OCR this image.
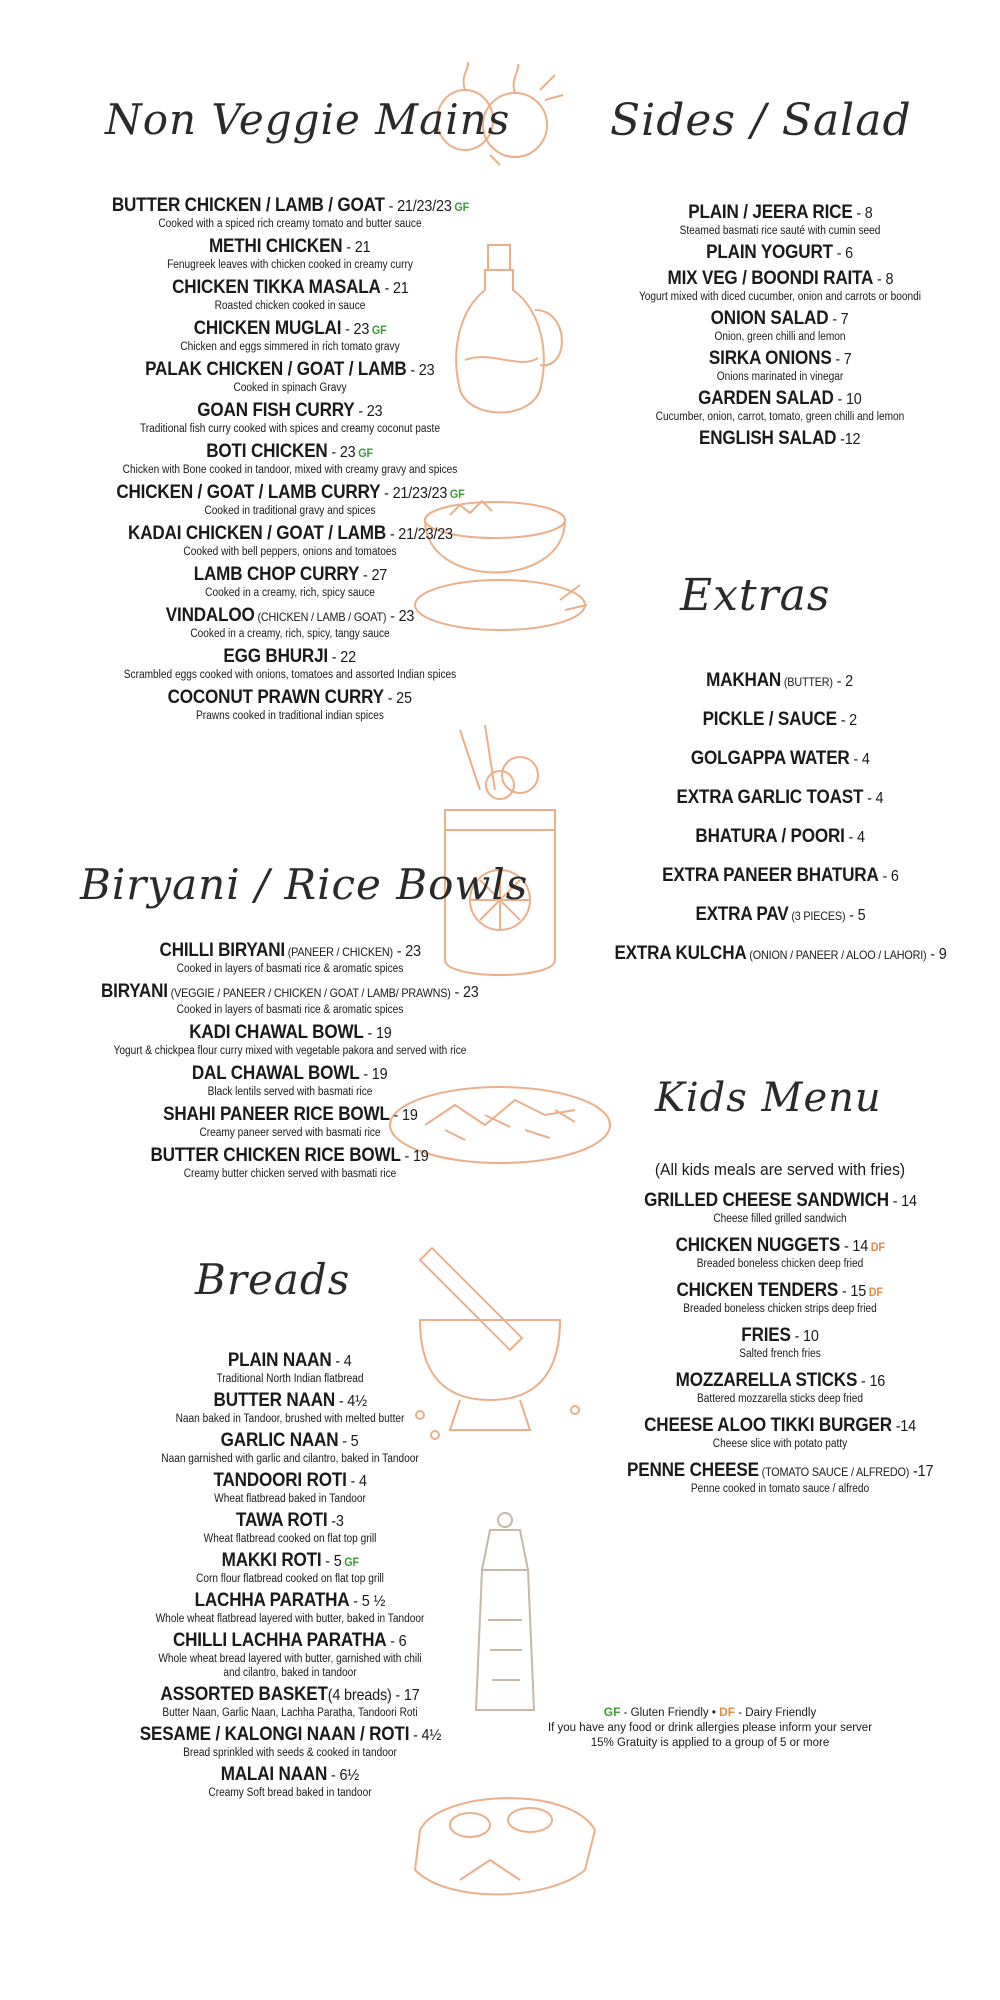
Non Veggie Mains Sides / Salad
Extras
Biryani / Rice Bowls
Kids Menu
Breads
BUTTER CHICKEN / LAMB / GOAT - 21/23/23 GF
Cooked with a spiced rich creamy tomato and butter sauce
METHI CHICKEN - 21
Fenugreek leaves with chicken cooked in creamy curry
CHICKEN TIKKA MASALA - 21
Roasted chicken cooked in sauce
CHICKEN MUGLAI - 23 GF
Chicken and eggs simmered in rich tomato gravy
PALAK CHICKEN / GOAT / LAMB - 23
Cooked in spinach Gravy
GOAN FISH CURRY - 23
Traditional fish curry cooked with spices and creamy coconut paste
BOTI CHICKEN - 23 GF
Chicken with Bone cooked in tandoor, mixed with creamy gravy and spices
CHICKEN / GOAT / LAMB CURRY - 21/23/23 GF
Cooked in traditional gravy and spices
KADAI CHICKEN / GOAT / LAMB - 21/23/23
Cooked with bell peppers, onions and tomatoes
LAMB CHOP CURRY - 27
Cooked in a creamy, rich, spicy sauce
VINDALOO (CHICKEN / LAMB / GOAT) - 23
Cooked in a creamy, rich, spicy, tangy sauce
EGG BHURJI - 22
Scrambled eggs cooked with onions, tomatoes and assorted Indian spices
COCONUT PRAWN CURRY - 25
Prawns cooked in traditional indian spices
PLAIN / JEERA RICE - 8
Steamed basmati rice sauté with cumin seed
PLAIN YOGURT - 6
MIX VEG / BOONDI RAITA - 8
Yogurt mixed with diced cucumber, onion and carrots or boondi
ONION SALAD - 7
Onion, green chilli and lemon
SIRKA ONIONS - 7
Onions marinated in vinegar
GARDEN SALAD - 10
Cucumber, onion, carrot, tomato, green chilli and lemon
ENGLISH SALAD -12
MAKHAN (BUTTER) - 2
PICKLE / SAUCE - 2
GOLGAPPA WATER - 4
EXTRA GARLIC TOAST - 4
BHATURA / POORI - 4
EXTRA PANEER BHATURA - 6
EXTRA PAV (3 PIECES) - 5
EXTRA KULCHA (ONION / PANEER / ALOO / LAHORI) - 9
CHILLI BIRYANI (PANEER / CHICKEN) - 23
Cooked in layers of basmati rice & aromatic spices
BIRYANI (VEGGIE / PANEER / CHICKEN / GOAT / LAMB/ PRAWNS) - 23
Cooked in layers of basmati rice & aromatic spices
KADI CHAWAL BOWL - 19
Yogurt & chickpea flour curry mixed with vegetable pakora and served with rice
DAL CHAWAL BOWL - 19
Black lentils served with basmati rice
SHAHI PANEER RICE BOWL - 19
Creamy paneer served with basmati rice
BUTTER CHICKEN RICE BOWL - 19
Creamy butter chicken served with basmati rice	(All kids meals are served with fries)
GRILLED CHEESE SANDWICH - 14
Cheese filled grilled sandwich
CHICKEN NUGGETS - 14 DF
Breaded boneless chicken deep fried
CHICKEN TENDERS - 15 DF
Breaded boneless chicken strips deep fried
FRIES - 10
Salted french fries
MOZZARELLA STICKS - 16
Battered mozzarella sticks deep fried
CHEESE ALOO TIKKI BURGER -14
Cheese slice with potato patty
PENNE CHEESE (TOMATO SAUCE / ALFREDO) -17
Penne cooked in tomato sauce / alfredo
PLAIN NAAN - 4
Traditional North Indian flatbread
BUTTER NAAN - 4½
Naan baked in Tandoor, brushed with melted butter
GARLIC NAAN - 5
Naan garnished with garlic and cilantro, baked in Tandoor
TANDOORI ROTI - 4
Wheat flatbread baked in Tandoor
TAWA ROTI -3
Wheat flatbread cooked on flat top grill
MAKKI ROTI - 5 GF
Corn flour flatbread cooked on flat top grill
LACHHA PARATHA - 5 ½
Whole wheat flatbread layered with butter, baked in Tandoor
CHILLI LACHHA PARATHA - 6
Whole wheat bread layered with butter, garnished with chili
and cilantro, baked in tandoor
ASSORTED BASKET(4 breads) - 17
Butter Naan, Garlic Naan, Lachha Paratha, Tandoori Roti
SESAME / KALONGI NAAN / ROTI - 4½
Bread sprinkled with seeds & cooked in tandoor
MALAI NAAN - 6½
Creamy Soft bread baked in tandoor
GF - Gluten Friendly • DF - Dairy Friendly
If you have any food or drink allergies please inform your server
15% Gratuity is applied to a group of 5 or more
